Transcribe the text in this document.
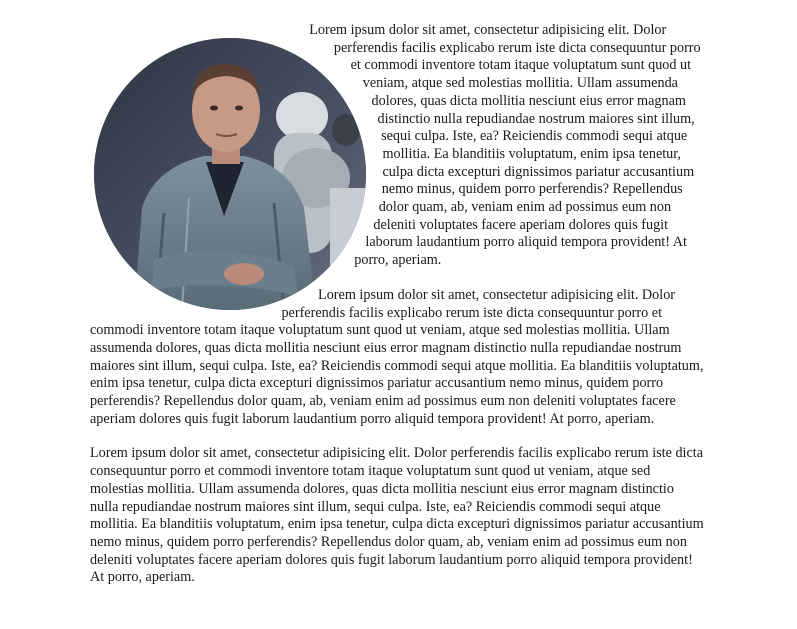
Lorem ipsum dolor sit amet, consectetur adipisicing elit. Dolor perferendis facilis explicabo rerum iste dicta consequuntur porro et commodi inventore totam itaque voluptatum sunt quod ut veniam, atque sed molestias mollitia. Ullam assumenda dolores, quas dicta mollitia nesciunt eius error magnam distinctio nulla repudiandae nostrum maiores sint illum, sequi culpa. Iste, ea? Reiciendis commodi sequi atque mollitia. Ea blanditiis voluptatum, enim ipsa tenetur, culpa dicta excepturi dignissimos pariatur accusantium nemo minus, quidem porro perferendis? Repellendus dolor quam, ab, veniam enim ad possimus eum non deleniti voluptates facere aperiam dolores quis fugit laborum laudantium porro aliquid tempora provident! At porro, aperiam.

Lorem ipsum dolor sit amet, consectetur adipisicing elit. Dolor perferendis facilis explicabo rerum iste dicta consequuntur porro et commodi inventore totam itaque voluptatum sunt quod ut veniam, atque sed molestias mollitia. Ullam assumenda dolores, quas dicta mollitia nesciunt eius error magnam distinctio nulla repudiandae nostrum maiores sint illum, sequi culpa. Iste, ea? Reiciendis commodi sequi atque mollitia. Ea blanditiis voluptatum, enim ipsa tenetur, culpa dicta excepturi dignissimos pariatur accusantium nemo minus, quidem porro perferendis? Repellendus dolor quam, ab, veniam enim ad possimus eum non deleniti voluptates facere aperiam dolores quis fugit laborum laudantium porro aliquid tempora provident! At porro, aperiam.

Lorem ipsum dolor sit amet, consectetur adipisicing elit. Dolor perferendis facilis explicabo rerum iste dicta consequuntur porro et commodi inventore totam itaque voluptatum sunt quod ut veniam, atque sed molestias mollitia. Ullam assumenda dolores, quas dicta mollitia nesciunt eius error magnam distinctio nulla repudiandae nostrum maiores sint illum, sequi culpa. Iste, ea? Reiciendis commodi sequi atque mollitia. Ea blanditiis voluptatum, enim ipsa tenetur, culpa dicta excepturi dignissimos pariatur accusantium nemo minus, quidem porro perferendis? Repellendus dolor quam, ab, veniam enim ad possimus eum non deleniti voluptates facere aperiam dolores quis fugit laborum laudantium porro aliquid tempora provident! At porro, aperiam.
